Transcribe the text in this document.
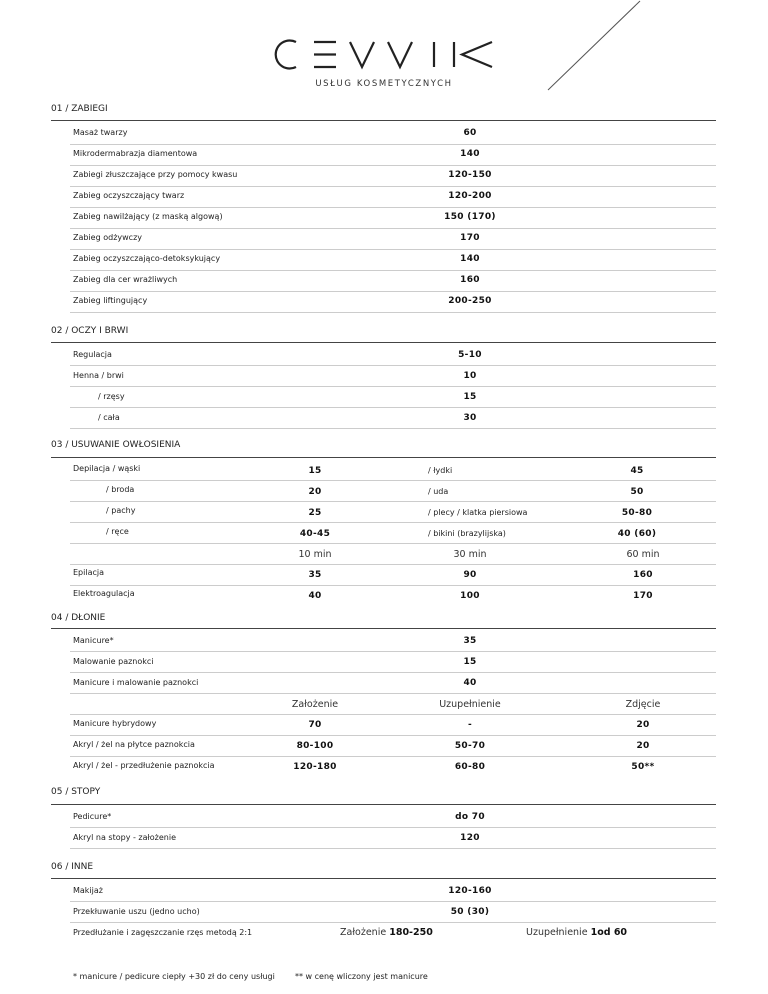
USŁUG KOSMETYCZNYCH
01 / ZABIEGI
Masaż twarzy	60
Mikrodermabrazja diamentowa	140
Zabiegi złuszczające przy pomocy kwasu	120-150
Zabieg oczyszczający twarz	120-200
Zabieg nawilżający (z maską algową)	150 (170)
Zabieg odżywczy	170
Zabieg oczyszczająco-detoksykujący	140
Zabieg dla cer wrażliwych	160
Zabieg liftingujący	200-250
02 / OCZY I BRWI
Regulacja	5-10
Henna / brwi	10
/ rzęsy	15
/ cała	30
03 / USUWANIE OWŁOSIENIA
Depilacja / wąski	15	/ łydki	45
/ broda	20	/ uda	50
/ pachy	25	/ plecy / klatka piersiowa	50-80
/ ręce	40-45	/ bikini (brazylijska)	40 (60)
10 min	30 min	60 min
Epilacja	35	90	160
Elektroagulacja	40	100	170
04 / DŁONIE
Manicure*	35
Malowanie paznokci	15
Manicure i malowanie paznokci	40
Założenie	Uzupełnienie	Zdjęcie
Manicure hybrydowy	70	-	20
Akryl / żel na płytce paznokcia	80-100	50-70	20
Akryl / żel - przedłużenie paznokcia	120-180	60-80	50**
05 / STOPY
Pedicure*	do 70
Akryl na stopy - założenie	120
06 / INNE
Makijaż	120-160
Przekłuwanie uszu (jedno ucho)	50 (30)
Przedłużanie i zagęszczanie rzęs metodą 2:1	Założenie 180-250	Uzupełnienie 1od 60
* manicure / pedicure ciepły +30 zł do ceny usługi	** w cenę wliczony jest manicure
